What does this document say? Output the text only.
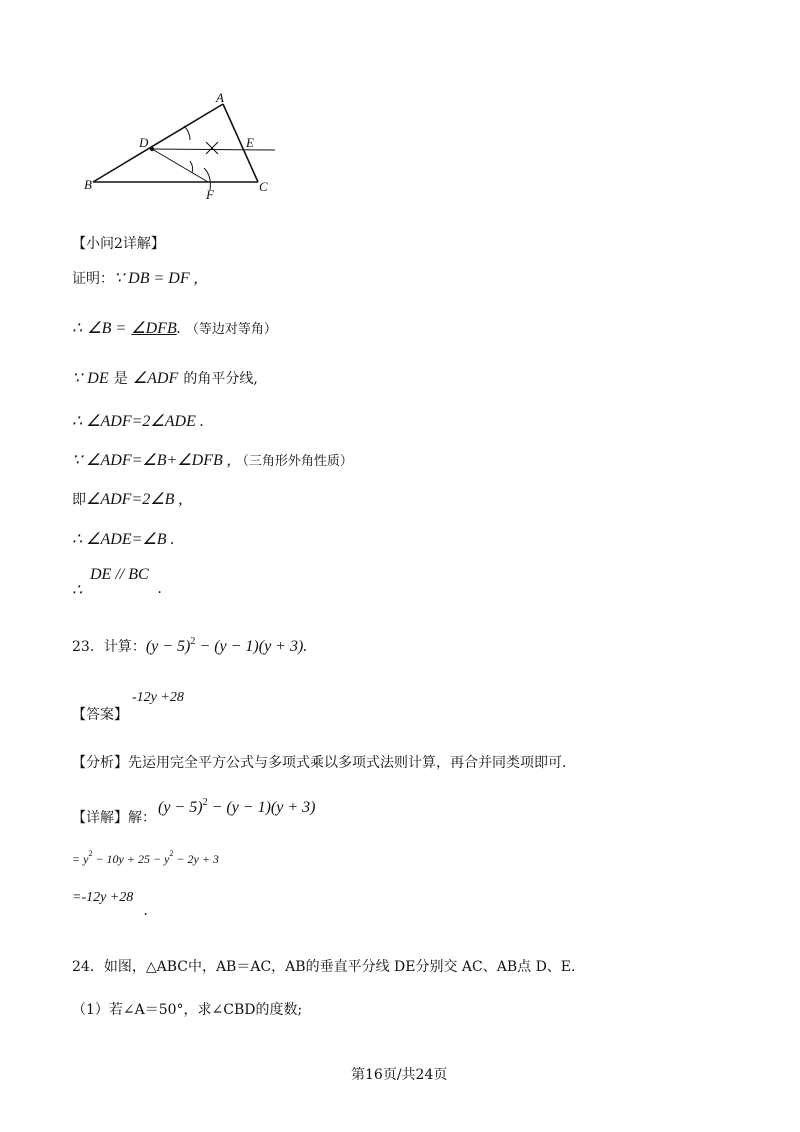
A
B	C
D	E
F
【小问2详解】
证明：∵ DB = DF ,
∴ ∠B = ∠DFB. （等边对等角）
∵ DE 是 ∠ADF 的角平分线,
∴ ∠ADF=2∠ADE .
∵ ∠ADF=∠B+∠DFB , （三角形外角性质）
即∠ADF=2∠B ,
∴ ∠ADE=∠B .
∴
DE // BC
.
23．计算：$(y - 5)^2 - (y - 1)(y + 3)$.
【答案】
-12y +28
【分析】先运用完全平方公式与多项式乘以多项式法则计算，再合并同类项即可.
【详解】解：
$(y - 5)^2 - (y - 1)(y + 3)$
= $y^2 - 10y + 25 - y^2 - 2y + 3$
=-12y +28
.
24．如图，△ABC中，AB＝AC，AB的垂直平分线 DE分别交 AC、AB点 D、E.
（1）若∠A＝50°，求∠CBD的度数;
第16页/共24页
